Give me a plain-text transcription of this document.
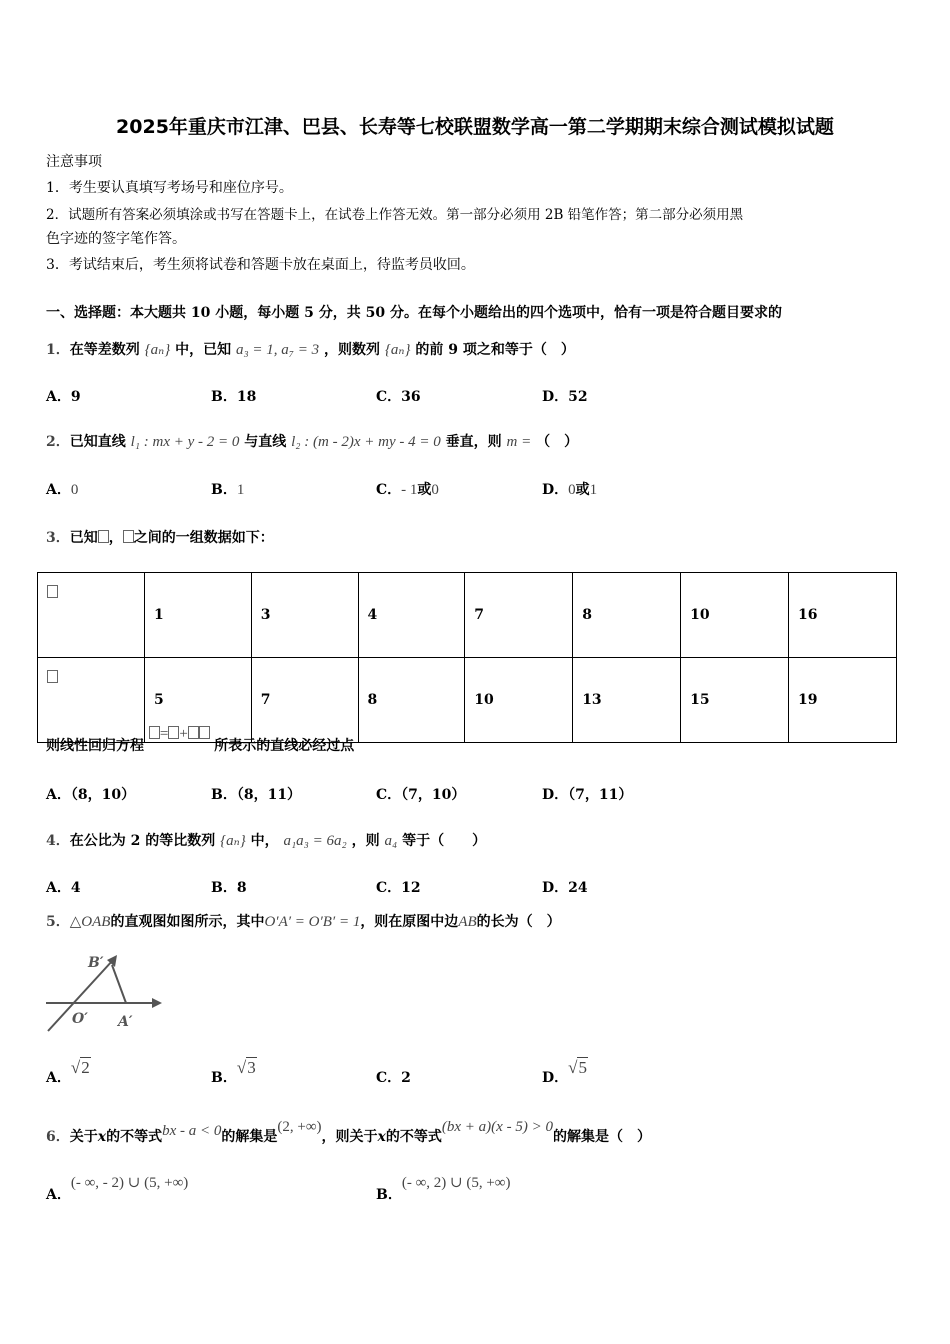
2025年重庆市江津、巴县、长寿等七校联盟数学高一第二学期期末综合测试模拟试题
注意事项
1．考生要认真填写考场号和座位序号。
2．试题所有答案必须填涂或书写在答题卡上，在试卷上作答无效。第一部分必须用 2B 铅笔作答；第二部分必须用黑
色字迹的签字笔作答。
3．考试结束后，考生须将试卷和答题卡放在桌面上，待监考员收回。
一、选择题：本大题共 10 小题，每小题 5 分，共 50 分。在每个小题给出的四个选项中，恰有一项是符合题目要求的
1．在等差数列 {aₙ} 中，已知 a₃ = 1, a₇ = 3 ，则数列 {aₙ} 的前 9 项之和等于（　）
A．9	B．18	C．36	D．52
2．已知直线 l₁ : mx + y - 2 = 0 与直线 l₂ : (m - 2)x + my - 4 = 0 垂直，则 m = （　）
A．0	B．1	C．- 1或0	D．0或1
3．已知 ， 之间的一组数据如下：
	1	3	4	7	8	10	16
	5	7	8	10	13	15	19
则线性回归方程 = + 所表示的直线必经过点
A．（8，10）	B．（8，11）	C．（7，10）	D．（7，11）
4．在公比为 2 的等比数列 {aₙ} 中， a₁a₃ = 6a₂ ，则 a₄ 等于（　　）
A．4	B．8	C．12	D．24
5．△OAB的直观图如图所示，其中O′A′ = O′B′ = 1，则在原图中边AB的长为（　）
B′
O′ A′
A．√2
B．√3
C．2	D．√5
6．关于x的不等式bx - a < 0的解集是(2, +∞)，则关于x的不等式(bx + a)(x - 5) > 0的解集是（　）
A．(- ∞, - 2) ∪ (5, +∞)
B．(- ∞, 2) ∪ (5, +∞)
